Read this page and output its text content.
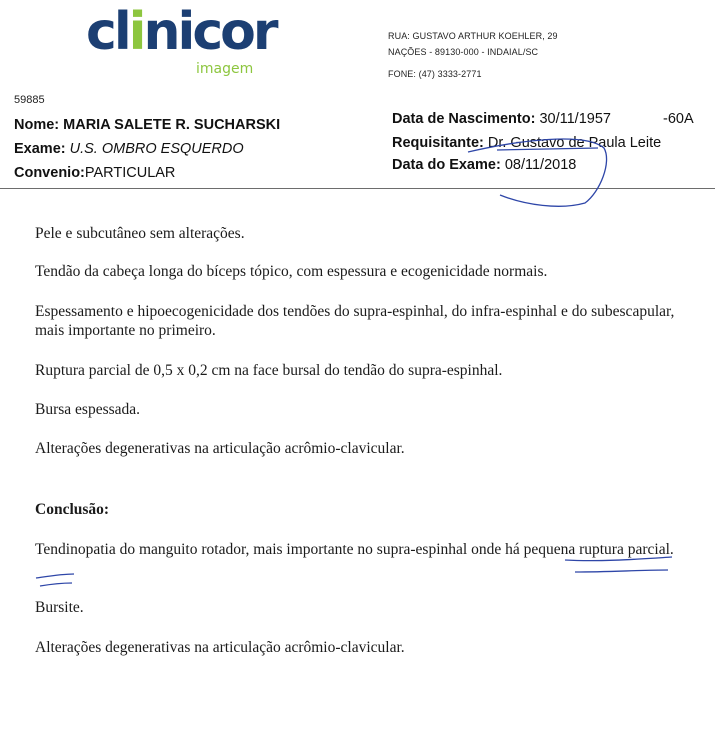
clinicor
imagem
RUA: GUSTAVO ARTHUR KOEHLER, 29
NAÇÕES - 89130-000 - INDAIAL/SC
FONE: (47) 3333-2771
59885
Nome: MARIA SALETE R. SUCHARSKI
Exame: U.S. OMBRO ESQUERDO
Convenio:PARTICULAR
Data de Nascimento: 30/11/1957	-60A
Requisitante: Dr. Gustavo de Paula Leite
Data do Exame: 08/11/2018
Pele e subcutâneo sem alterações.
Tendão da cabeça longa do bíceps tópico, com espessura e ecogenicidade normais.
Espessamento e hipoecogenicidade dos tendões do supra-espinhal, do infra-espinhal e do subescapular, mais importante no primeiro.
Ruptura parcial de 0,5 x 0,2 cm na face bursal do tendão do supra-espinhal.
Bursa espessada.
Alterações degenerativas na articulação acrômio-clavicular.
Conclusão:
Tendinopatia do manguito rotador, mais importante no supra-espinhal onde há pequena ruptura parcial.
Bursite.
Alterações degenerativas na articulação acrômio-clavicular.
